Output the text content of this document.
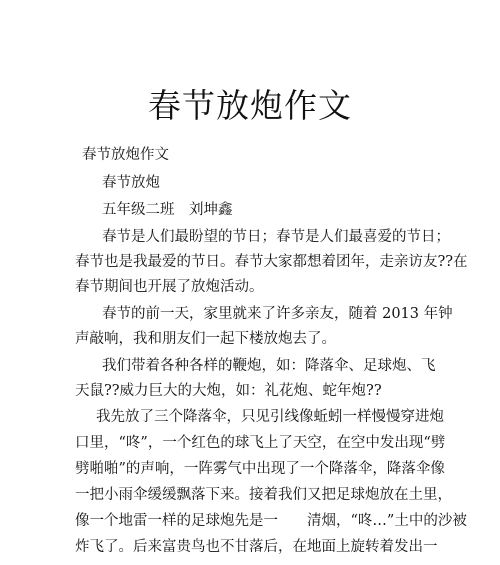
春节放炮作文
春节放炮作文
春节放炮
五年级二班　刘坤鑫
春节是人们最盼望的节日；春节是人们最喜爱的节日；
春节也是我最爱的节日。春节大家都想着团年，走亲访友??在
春节期间也开展了放炮活动。
春节的前一天，家里就来了许多亲友，随着 2013 年钟
声敲响，我和朋友们一起下楼放炮去了。
我们带着各种各样的鞭炮，如：降落伞、足球炮、飞
天鼠??威力巨大的大炮，如：礼花炮、蛇年炮??
我先放了三个降落伞，只见引线像蚯蚓一样慢慢穿进炮
口里，“咚”，一个红色的球飞上了天空，在空中发出现“劈
劈啪啪”的声响，一阵雾气中出现了一个降落伞，降落伞像
一把小雨伞缓缓飘落下来。接着我们又把足球炮放在土里，
像一个地雷一样的足球炮先是一　　清烟，“咚…”土中的沙被
炸飞了。后来富贵鸟也不甘落后，在地面上旋转着发出一
